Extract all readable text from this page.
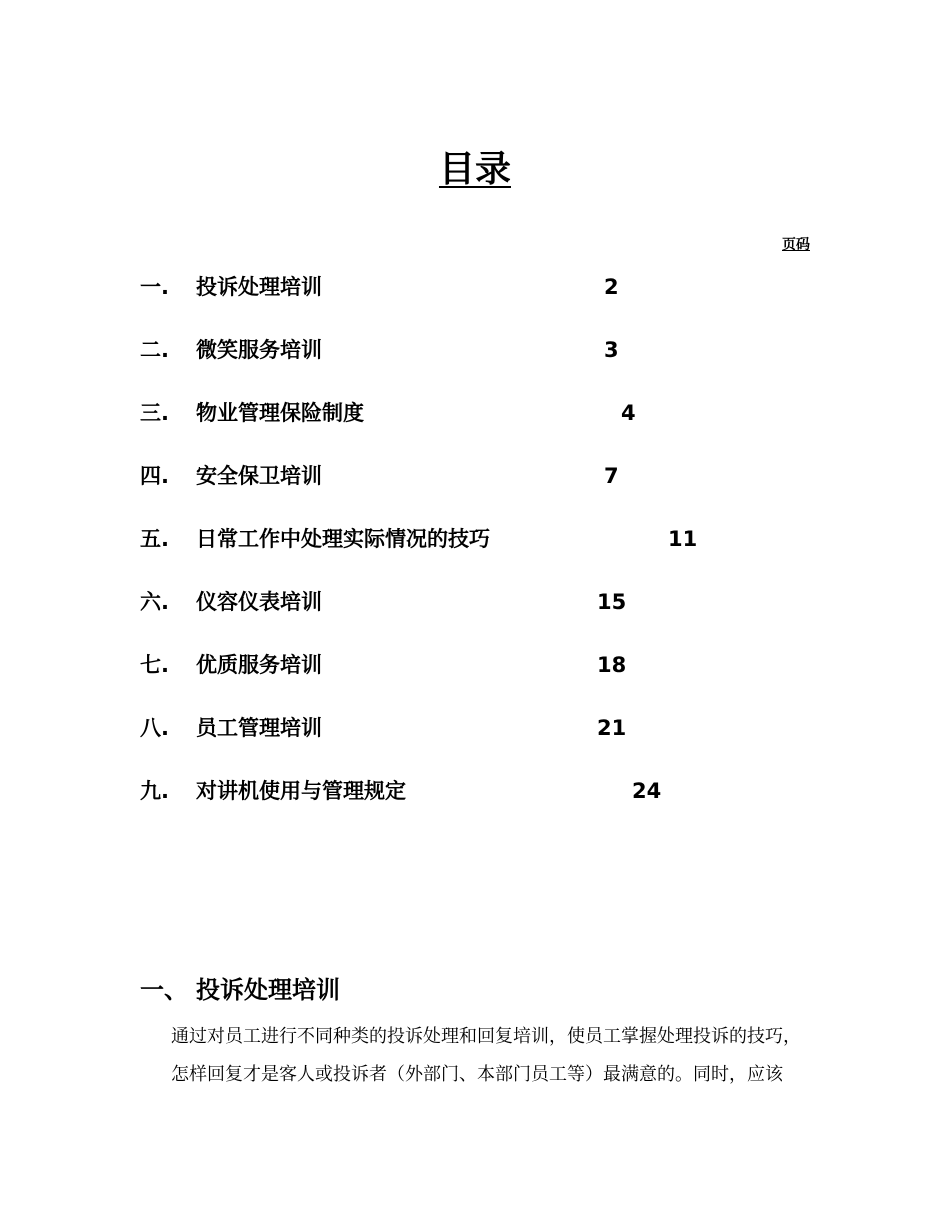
目录
页码
一. 投诉处理培训	2
二. 微笑服务培训	3
三. 物业管理保险制度	4
四. 安全保卫培训	7
五. 日常工作中处理实际情况的技巧	11
六. 仪容仪表培训	15
七. 优质服务培训	18
八. 员工管理培训	21
九. 对讲机使用与管理规定	24
一、 投诉处理培训
通过对员工进行不同种类的投诉处理和回复培训，使员工掌握处理投诉的技巧，
怎样回复才是客人或投诉者（外部门、本部门员工等）最满意的。同时，应该
